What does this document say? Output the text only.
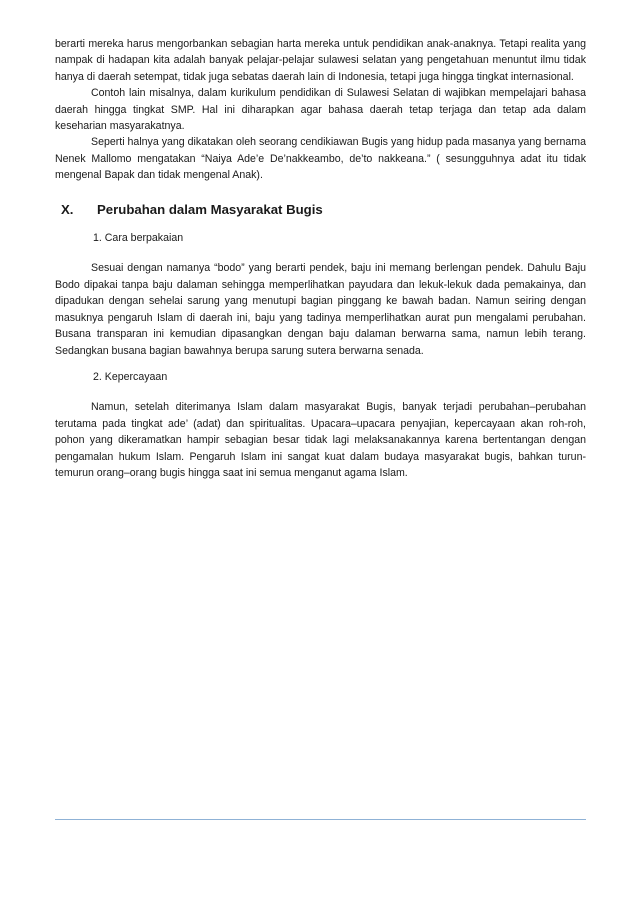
berarti mereka harus mengorbankan sebagian harta mereka untuk pendidikan anak-anaknya. Tetapi realita yang nampak di hadapan kita adalah banyak pelajar-pelajar sulawesi selatan yang pengetahuan menuntut ilmu tidak hanya di daerah setempat, tidak juga sebatas daerah lain di Indonesia, tetapi juga hingga tingkat internasional.

Contoh lain misalnya, dalam kurikulum pendidikan di Sulawesi Selatan di wajibkan mempelajari bahasa daerah hingga tingkat SMP. Hal ini diharapkan agar bahasa daerah tetap terjaga dan tetap ada dalam keseharian masyarakatnya.

Seperti halnya yang dikatakan oleh seorang cendikiawan Bugis yang hidup pada masanya yang bernama Nenek Mallomo mengatakan “Naiya Ade’e De’nakkeambo, de’to nakkeana.” ( sesungguhnya adat itu tidak mengenal Bapak dan tidak mengenal Anak).

X.	Perubahan dalam Masyarakat Bugis
1. Cara berpakaian

Sesuai dengan namanya “bodo” yang berarti pendek, baju ini memang berlengan pendek. Dahulu Baju Bodo dipakai tanpa baju dalaman sehingga memperlihatkan payudara dan lekuk-lekuk dada pemakainya, dan dipadukan dengan sehelai sarung yang menutupi bagian pinggang ke bawah badan. Namun seiring dengan masuknya pengaruh Islam di daerah ini, baju yang tadinya memperlihatkan aurat pun mengalami perubahan. Busana transparan ini kemudian dipasangkan dengan baju dalaman berwarna sama, namun lebih terang. Sedangkan busana bagian bawahnya berupa sarung sutera berwarna senada.

2. Kepercayaan

Namun, setelah diterimanya Islam dalam masyarakat Bugis, banyak terjadi perubahan–perubahan terutama pada tingkat ade’ (adat) dan spiritualitas. Upacara–upacara penyajian, kepercayaan akan roh-roh, pohon yang dikeramatkan hampir sebagian besar tidak lagi melaksanakannya karena bertentangan dengan pengamalan hukum Islam. Pengaruh Islam ini sangat kuat dalam budaya masyarakat bugis, bahkan turun-temurun orang–orang bugis hingga saat ini semua menganut agama Islam.
